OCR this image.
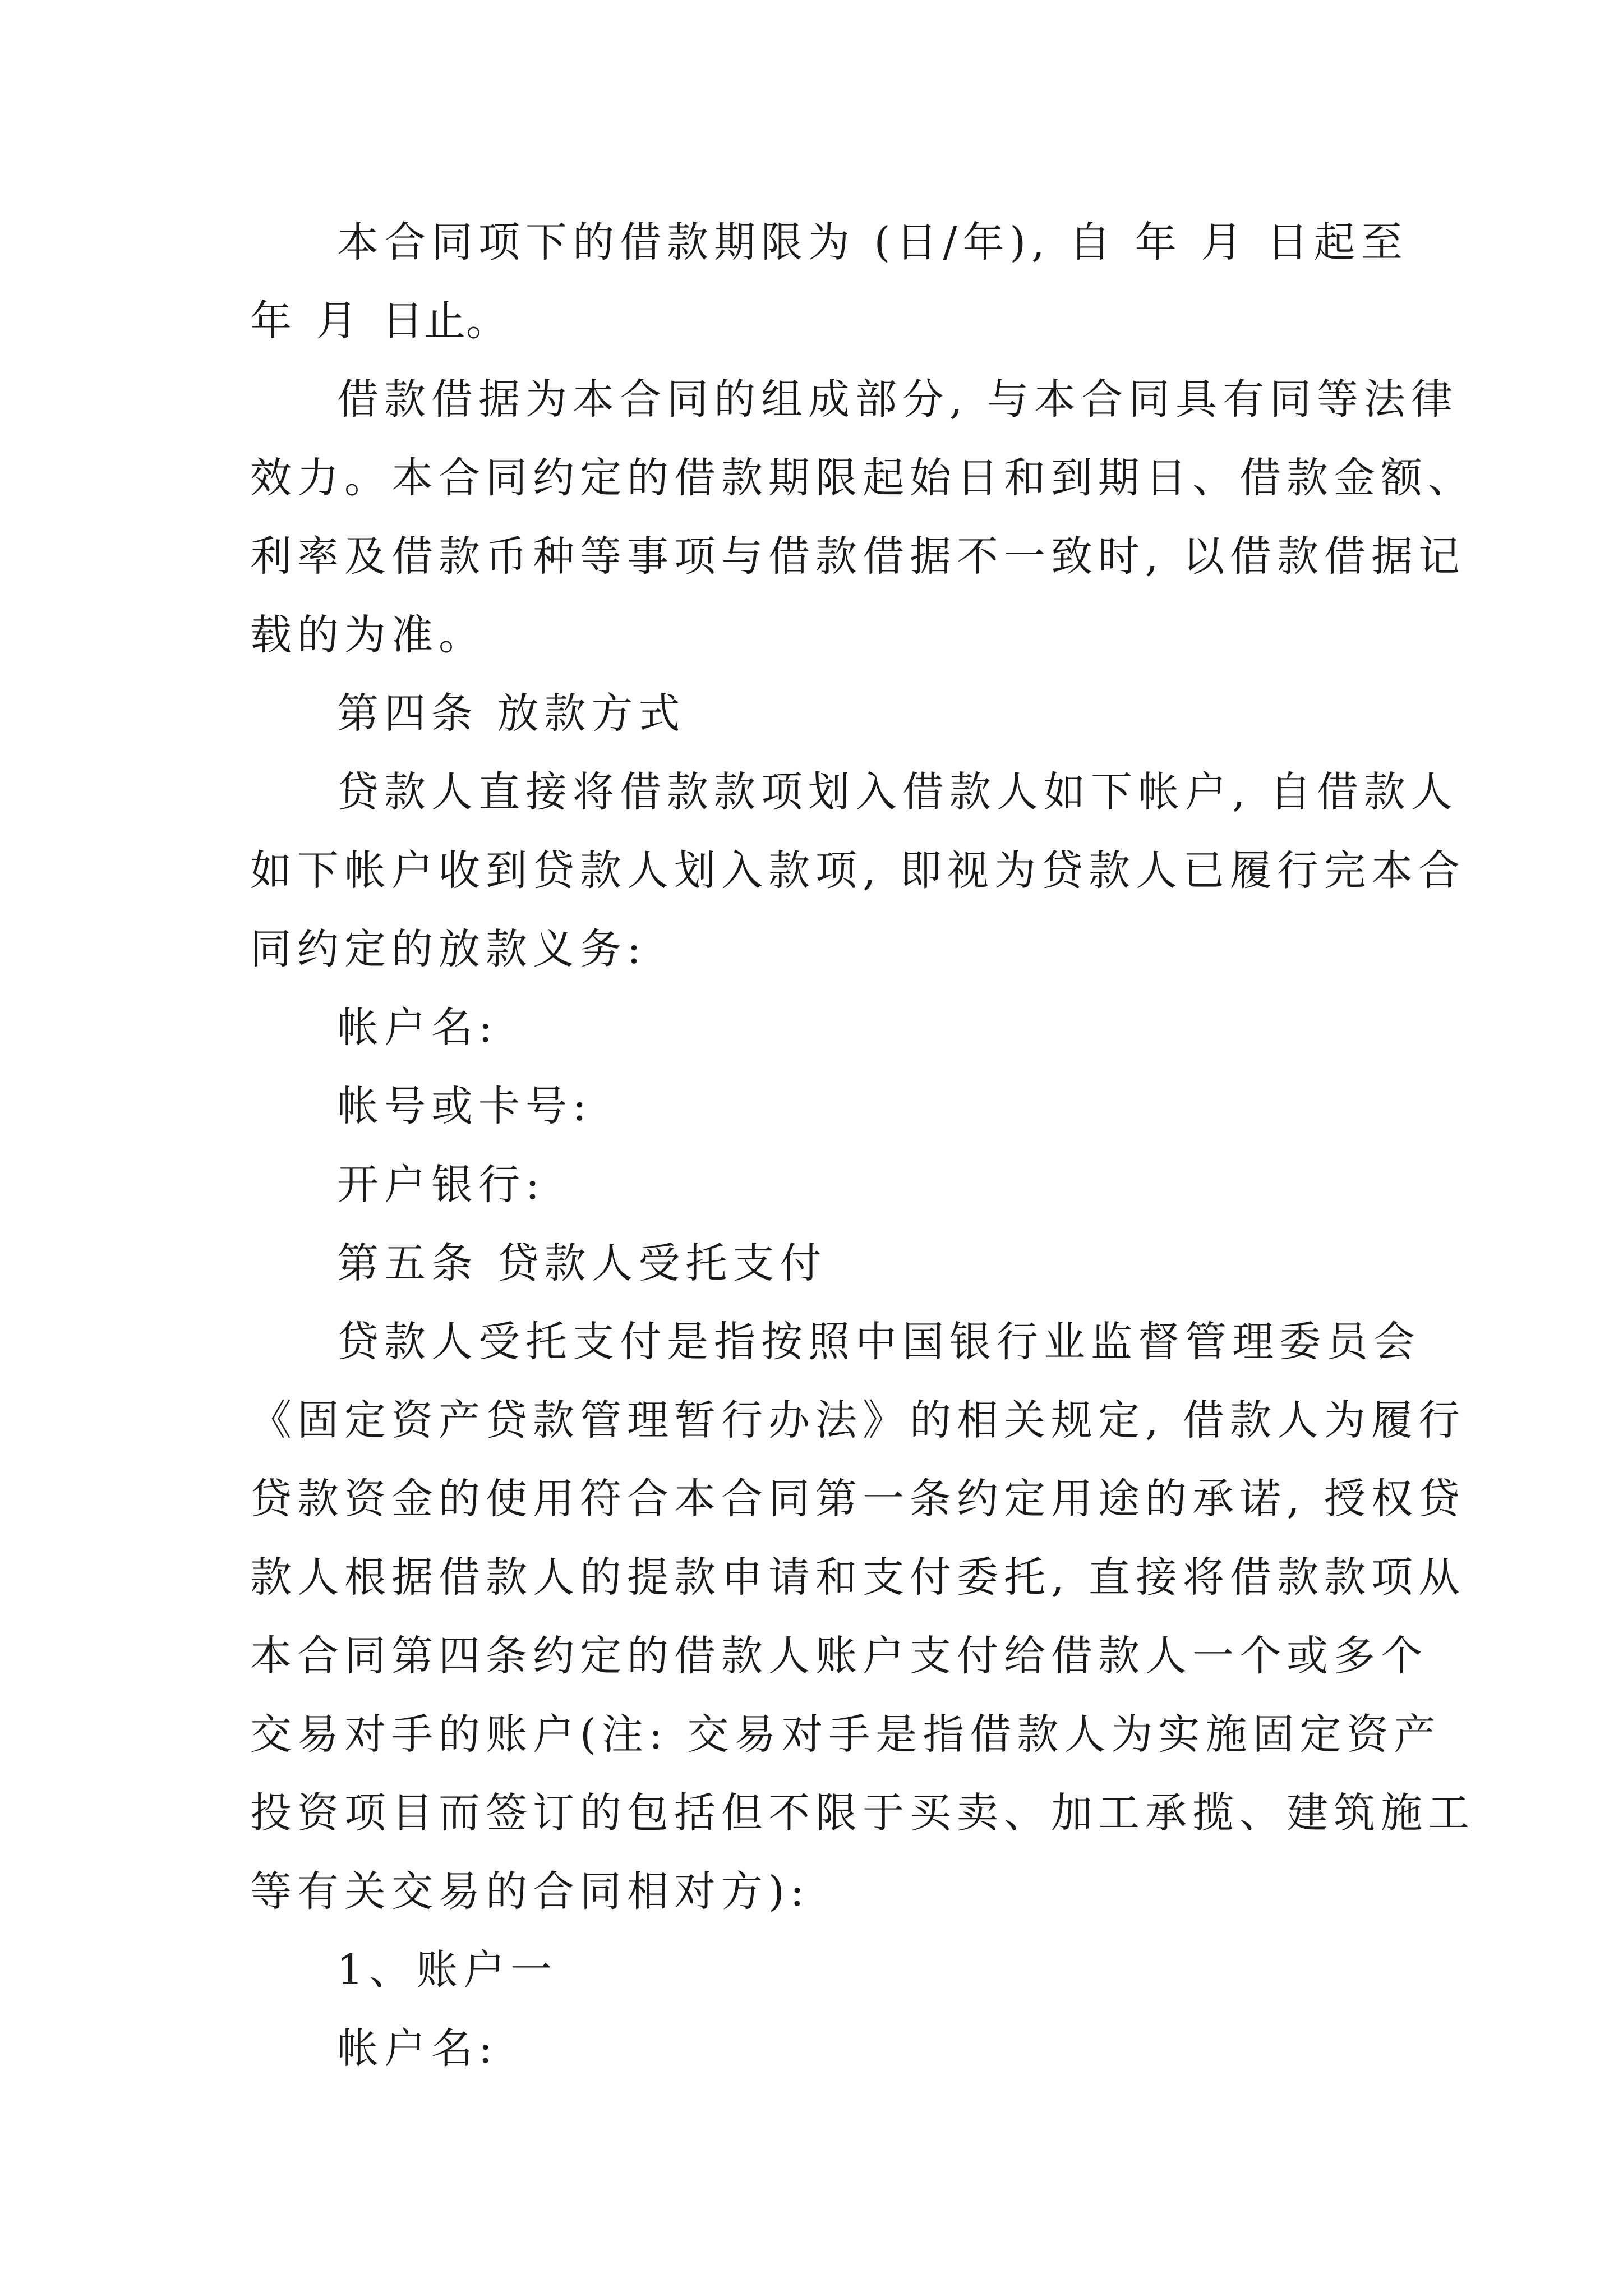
本合同项下的借款期限为 (日/年), 自 年 月 日起至
年 月 日止。
借款借据为本合同的组成部分, 与本合同具有同等法律
效力。本合同约定的借款期限起始日和到期日、借款金额、
利率及借款币种等事项与借款借据不一致时, 以借款借据记
载的为准。
第四条 放款方式
贷款人直接将借款款项划入借款人如下帐户, 自借款人
如下帐户收到贷款人划入款项, 即视为贷款人已履行完本合
同约定的放款义务:
帐户名:
帐号或卡号:
开户银行:
第五条 贷款人受托支付
贷款人受托支付是指按照中国银行业监督管理委员会
《固定资产贷款管理暂行办法》的相关规定, 借款人为履行
贷款资金的使用符合本合同第一条约定用途的承诺, 授权贷
款人根据借款人的提款申请和支付委托, 直接将借款款项从
本合同第四条约定的借款人账户支付给借款人一个或多个
交易对手的账户(注: 交易对手是指借款人为实施固定资产
投资项目而签订的包括但不限于买卖、加工承揽、建筑施工
等有关交易的合同相对方):
1、账户一
帐户名:
